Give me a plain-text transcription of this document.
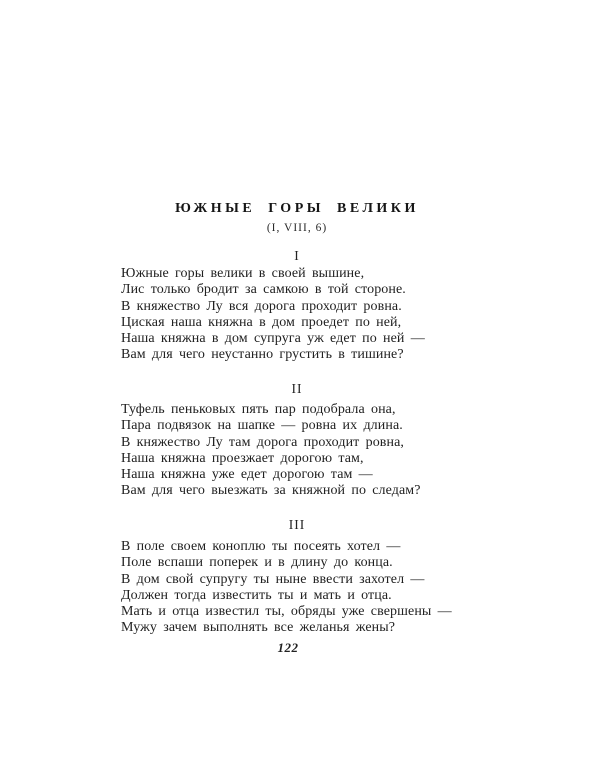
ЮЖНЫЕ ГОРЫ ВЕЛИКИ
(I, VIII, 6)
I
Южные горы велики в своей вышине,
Лис только бродит за самкою в той стороне.
В княжество Лу вся дорога проходит ровна.
Циская наша княжна в дом проедет по ней,
Наша княжна в дом супруга уж едет по ней —
Вам для чего неустанно грустить в тишине?
II
Туфель пеньковых пять пар подобрала она,
Пара подвязок на шапке — ровна их длина.
В княжество Лу там дорога проходит ровна,
Наша княжна проезжает дорогою там,
Наша княжна уже едет дорогою там —
Вам для чего выезжать за княжной по следам?
III
В поле своем коноплю ты посеять хотел —
Поле вспаши поперек и в длину до конца.
В дом свой супругу ты ныне ввести захотел —
Должен тогда известить ты и мать и отца.
Мать и отца известил ты, обряды уже свершены —
Мужу зачем выполнять все желанья жены?
122
